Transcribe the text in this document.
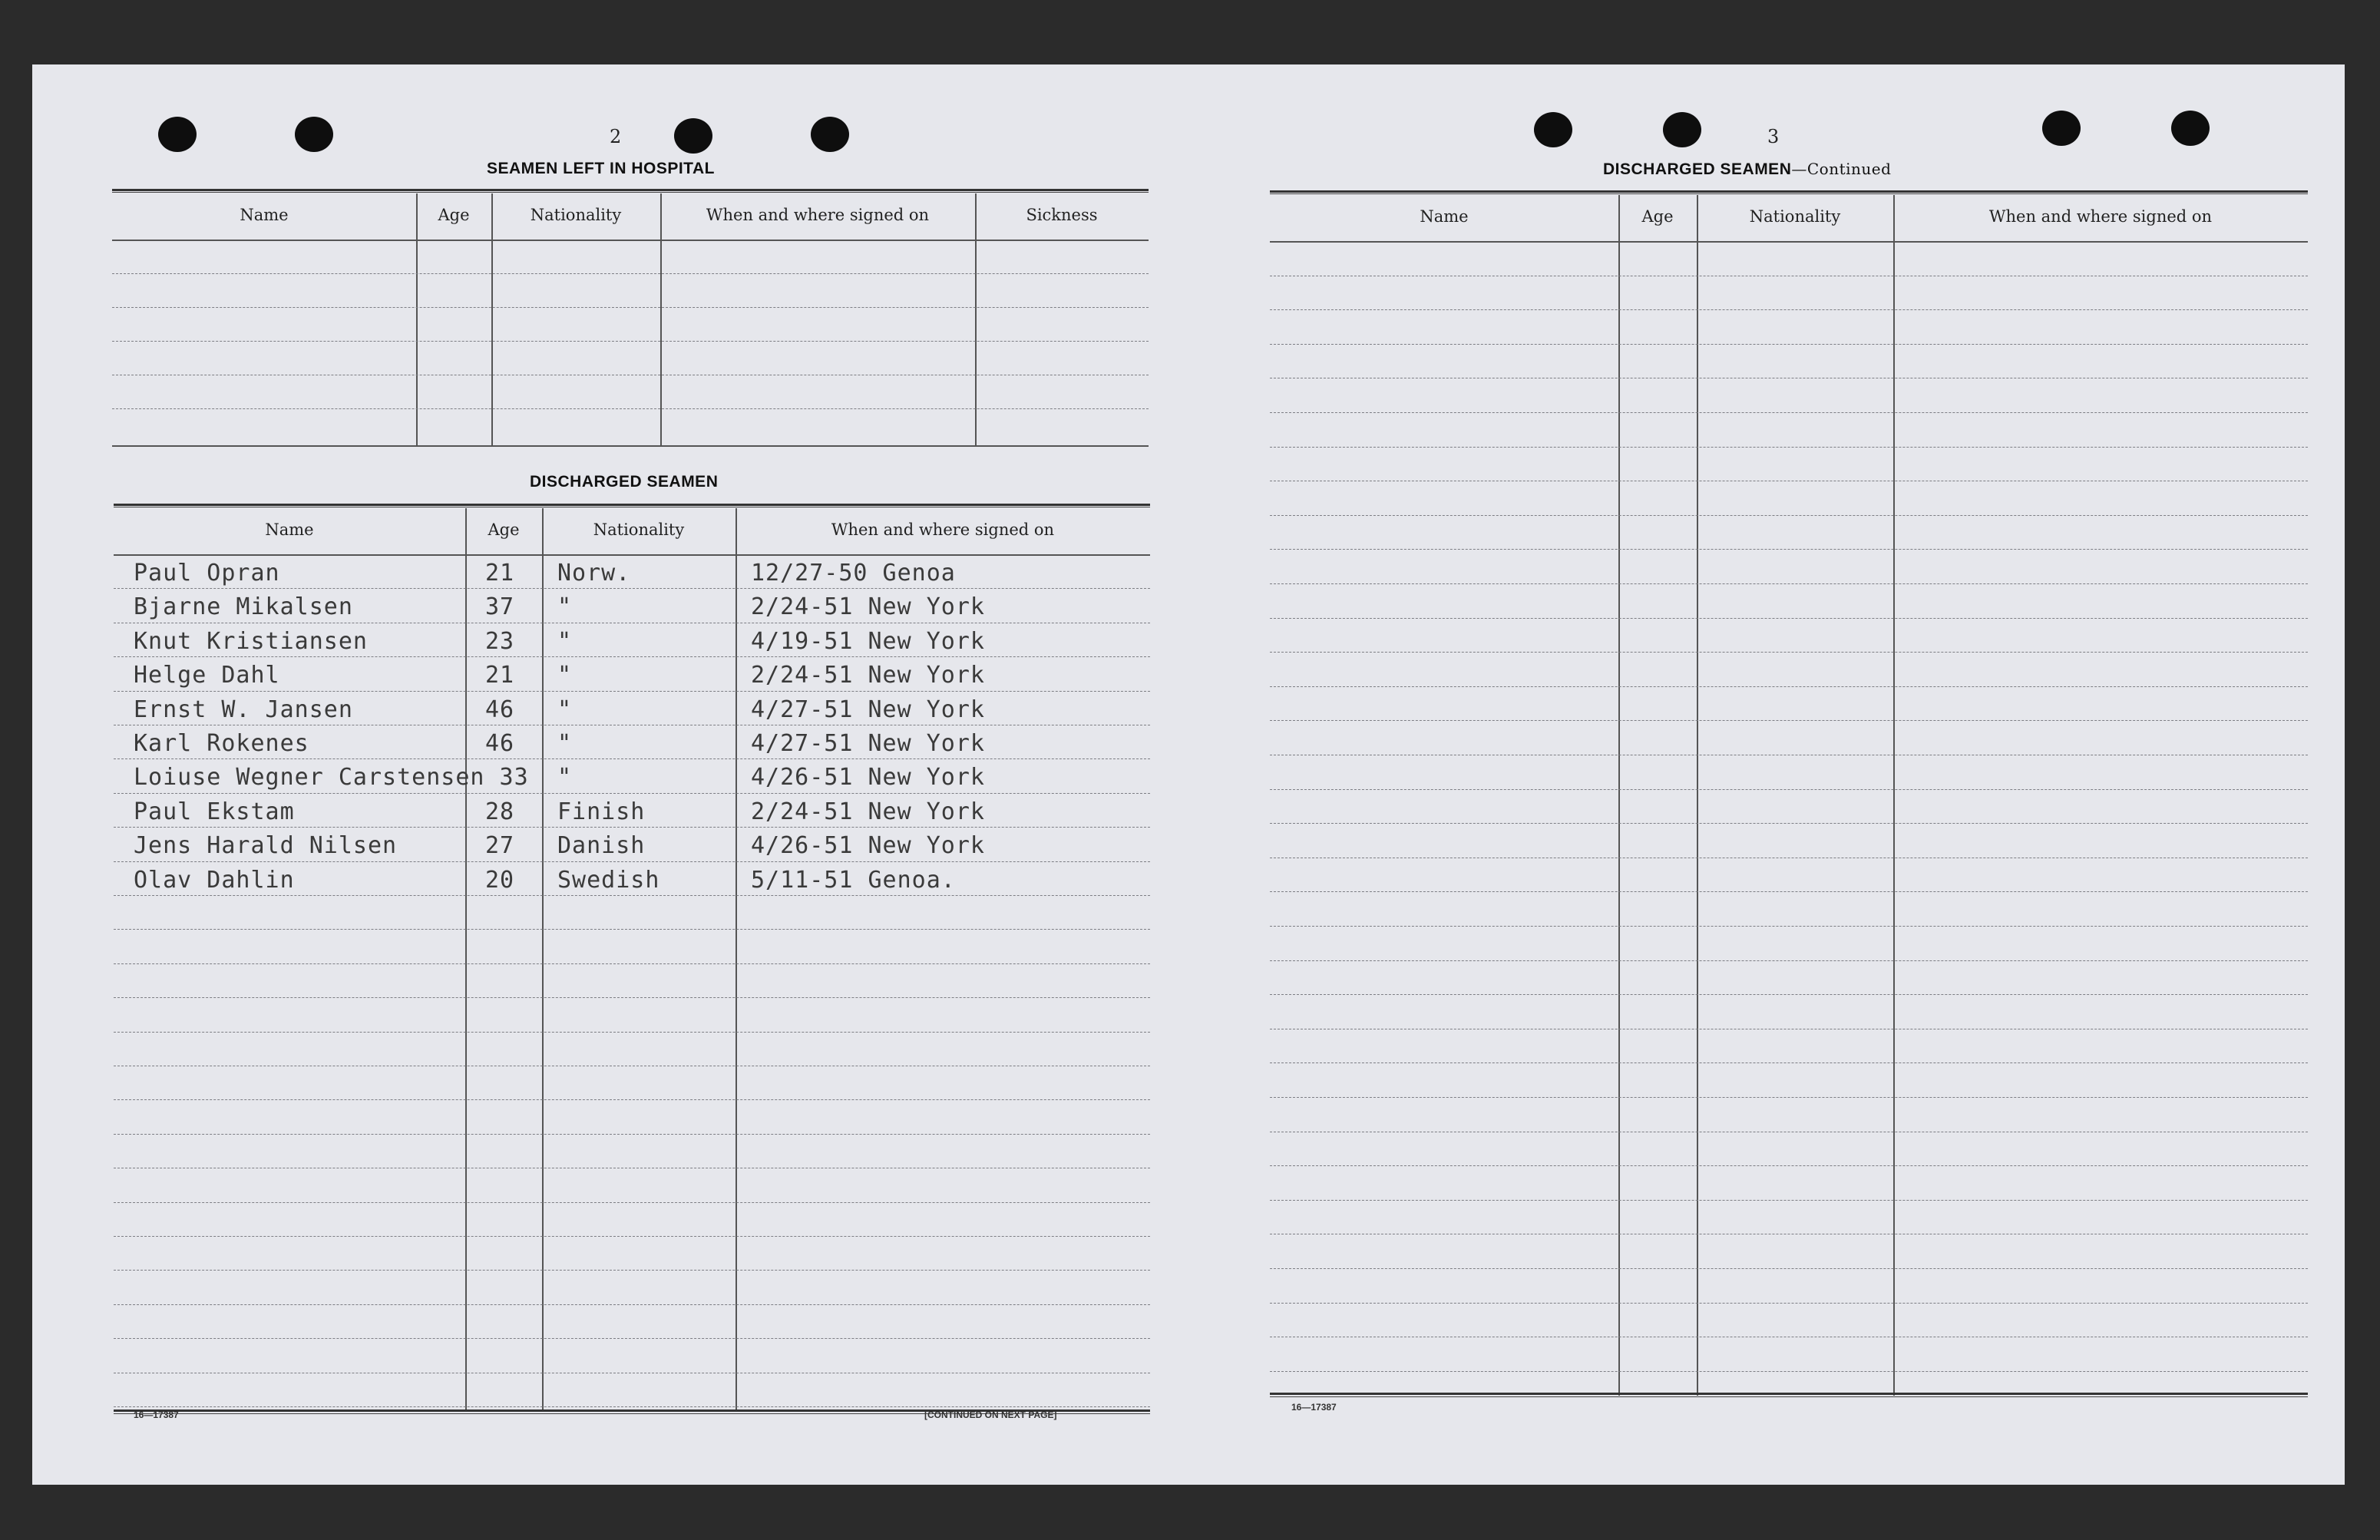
2
SEAMEN LEFT IN HOSPITAL
Name	Age	Nationality	When and where signed on	Sickness
DISCHARGED SEAMEN
Name	Age	Nationality	When and where signed on
Paul Opran	21 Norw.	12/27-50 Genoa
Bjarne Mikalsen	37 "	2/24-51 New York
Knut Kristiansen	23 "	4/19-51 New York
Helge Dahl	21 "	2/24-51 New York
Ernst W. Jansen	46 "	4/27-51 New York
Karl Rokenes	46 "	4/27-51 New York
Loiuse Wegner Carstensen 33 "	4/26-51 New York
Paul Ekstam	28 Finish	2/24-51 New York
Jens Harald Nilsen	27 Danish	4/26-51 New York
Olav Dahlin	20 Swedish	5/11-51 Genoa.
16—17387	[CONTINUED ON NEXT PAGE]
3
DISCHARGED SEAMEN—Continued
Name	Age	Nationality	When and where signed on
16—17387
